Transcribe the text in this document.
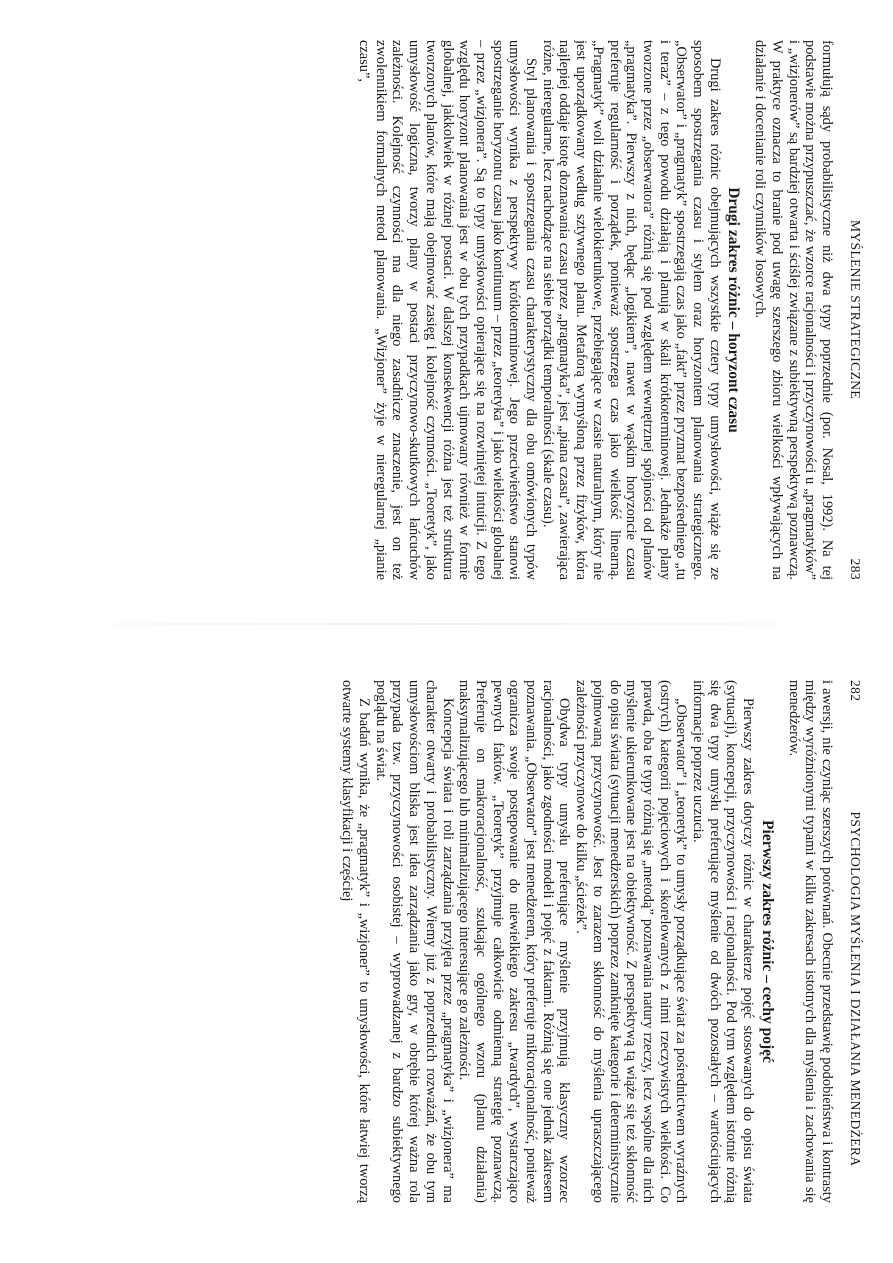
MYŚLENIE STRATEGICZNE
283

formułują sądy probabilistyczne niż dwa typy poprzednie (por. Nosal, 1992). Na tej podstawie można przypuszczać, że wzorce racjonalności i przyczynowości u „pragmatyków” i „wizjonerów” są bardziej otwarta i ściślej związane z subiektywną perspektywą poznawczą. W praktyce oznacza to branie pod uwagę szerszego zbioru wielkości wpływających na działanie i docenianie roli czynników losowych.

Drugi zakres różnic – horyzont czasu

Drugi zakres różnic obejmujących wszystkie cztery typy umysłowości, wiąże się ze sposobem spostrzegania czasu i stylem oraz horyzontem planowania strategicznego. „Obserwator” i „pragmatyk” spostrzegają czas jako „fakt” przez pryzmat bezpośredniego „tu i teraz” – z tego powodu działają i planują w skali krótkoterminowej. Jednakże plany tworzone przez „obserwatora” różnią się pod względem wewnętrznej spójności od planów „pragmatyka”. Pierwszy z nich, będąc „logikiem”, nawet w wąskim horyzoncie czasu preferuje regularność i porządek, ponieważ spostrzega czas jako wielkość linearną. „Pragmatyk” woli działanie wielokierunkowe, przebiegające w czasie naturalnym, który nie jest uporządkowany według sztywnego planu. Metaforą wymyśloną przez fizyków, która najlepiej oddaje istotę doznawania czasu przez „pragmatyka”, jest „piana czasu”, zawierająca różne, nieregularne, lecz nachodzące na siebie porządki temporalności (skale czasu).

Styl planowania i spostrzegania czasu charakterystyczny dla obu omówionych typów umysłowości wynika z perspektywy krótkoterminowej. Jego przeciwieństwo stanowi spostrzeganie horyzontu czasu jako kontinuum – przez „teoretyka” i jako wielkości globalnej – przez „wizjonera”. Są to typy umysłowości opierające się na rozwiniętej intuicji. Z tego względu horyzont planowania jest w obu tych przypadkach ujmowany również w formie globalnej, jakkolwiek w różnej postaci. W dalszej konsekwencji różna jest też struktura tworzonych planów, które mają obejmować zasięg i kolejność czynności. „Teoretyk”, jako umysłowość logiczna, tworzy plany w postaci przyczynowo-skutkowych łańcuchów zależności. Kolejność czynności ma dla niego zasadnicze znaczenie, jest on też zwolennikiem formalnych metod planowania. „Wizjoner” żyje w nieregularnej „pianie czasu”,

282
PSYCHOLOGIA MYŚLENIA I DZIAŁANIA MENEDŻERA

i awersji, nie czyniąc szerszych porównań. Obecnie przedstawię podobieństwa i kontrasty między wyróżnionymi typami w kilku zakresach istotnych dla myślenia i zachowania się menedżerów.

Pierwszy zakres różnic – cechy pojęć

Pierwszy zakres dotyczy różnic w charakterze pojęć stosowanych do opisu świata (sytuacji), koncepcji, przyczynowości i racjonalności. Pod tym względem istotnie różnią się dwa typy umysłu preferujące myślenie od dwóch pozostałych – wartościujących informacje poprzez uczucia.

„Obserwator” i „teoretyk” to umysły porządkujące świat za pośrednictwem wyraźnych (ostrych) kategorii pojęciowych i skorelowanych z nimi rzeczywistych wielkości. Co prawda, oba te typy różnią się „metodą” poznawania natury rzeczy, lecz wspólne dla nich myślenie ukierunkowane jest na obiektywność. Z perspektywą tą wiąże się też skłonność do opisu świata (sytuacji menedżerskich) poprzez zamknięte kategorie i deterministycznie pojmowaną przyczynowość. Jest to zarazem skłonność do myślenia upraszczającego zależności przyczynowe do kilku „ścieżek”.

Obydwa typy umysłu preferujące myślenie przyjmują klasyczny wzorzec racjonalności, jako zgodności modeli i pojęć z faktami. Różnią się one jednak zakresem poznawania. „Obserwator” jest menedżerem, który preferuje mikroracjonalność, ponieważ ogranicza swoje postępowanie do niewielkiego zakresu „twardych”, wystarczająco pewnych faktów. „Teoretyk” przyjmuje całkowicie odmienną strategię poznawczą. Preferuje on makroracjonalność, szukając ogólnego wzoru (planu działania) maksymalizującego lub minimalizującego interesujące go zależności.

Koncepcja świata i roli zarządzania przyjęta przez „pragmatyka” i „wizjonera” ma charakter otwarty i probabilistyczny. Wiemy już z poprzednich rozważań, że obu tym umysłowościom bliska jest idea zarządzania jako gry, w obrębie której ważna rola przypada tzw. przyczynowości osobistej – wyprowadzanej z bardzo subiektywnego poglądu na świat.

Z badań wynika, że „pragmatyk” i „wizjoner” to umysłowości, które łatwiej tworzą otwarte systemy klasyfikacji i częściej
